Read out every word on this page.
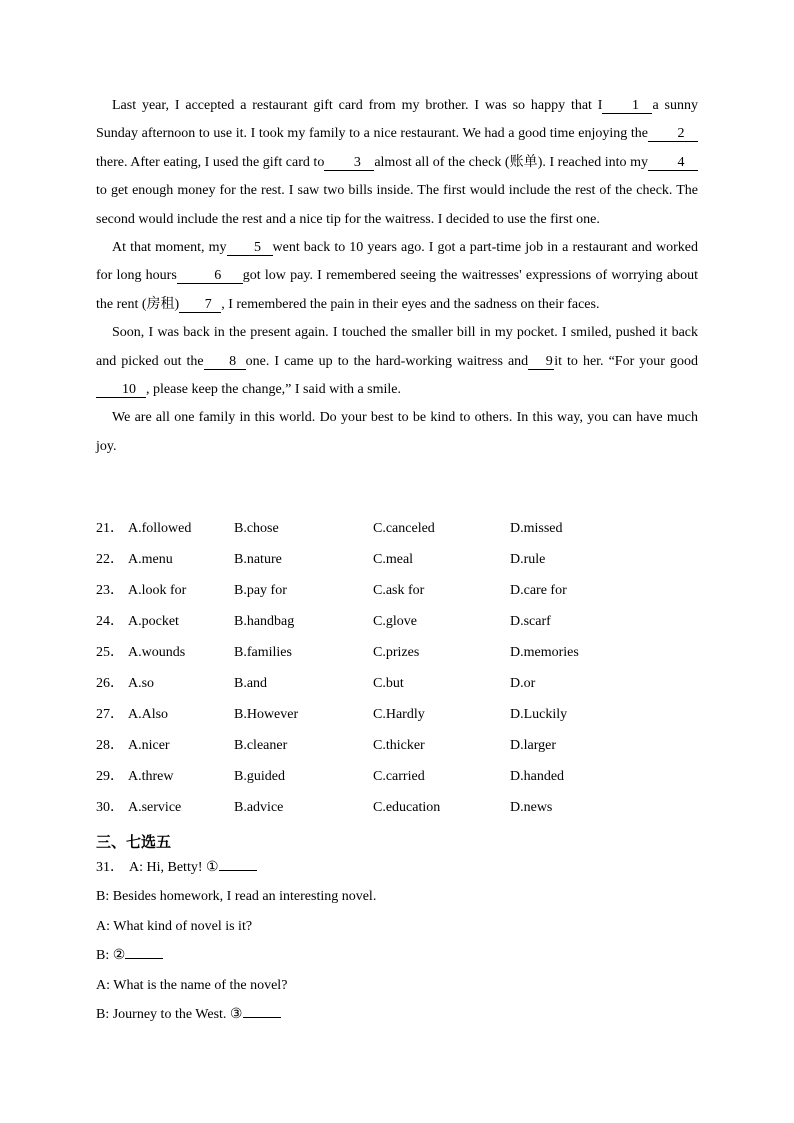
Last year, I accepted a restaurant gift card from my brother. I was so happy that I 1 a sunny Sunday afternoon to use it. I took my family to a nice restaurant. We had a good time enjoying the 2there. After eating, I used the gift card to 3 almost all of the check (账单). I reached into my 4to get enough money for the rest. I saw two bills inside. The first would include the rest of the check. The second would include the rest and a nice tip for the waitress. I decided to use the first one.

At that moment, my 5 went back to 10 years ago. I got a part-time job in a restaurant and worked for long hours	6 got low pay. I remembered seeing the waitresses' expressions of worrying about the rent (房租) 7 , I remembered the pain in their eyes and the sadness on their faces.

Soon, I was back in the present again. I touched the smaller bill in my pocket. I smiled, pushed it back and picked out the 8 one. I came up to the hard-working waitress and 9 it to her. “For your good10 , please keep the change,” I said with a smile.

We are all one family in this world. Do your best to be kind to others. In this way, you can have much joy.

21． A.followed	B.chose	C.canceled	D.missed
22． A.menu	B.nature	C.meal	D.rule
23． A.look for	B.pay for	C.ask for	D.care for
24． A.pocket	B.handbag	C.glove	D.scarf
25． A.wounds	B.families	C.prizes	D.memories
26． A.so	B.and	C.but	D.or
27． A.Also	B.However	C.Hardly	D.Luckily
28． A.nicer	B.cleaner	C.thicker	D.larger
29． A.threw	B.guided	C.carried	D.handed
30． A.service	B.advice	C.education	D.news
三、七选五

31． A: Hi, Betty! ①

B: Besides homework, I read an interesting novel.

A: What kind of novel is it?

B: ②

A: What is the name of the novel?

B: Journey to the West. ③
